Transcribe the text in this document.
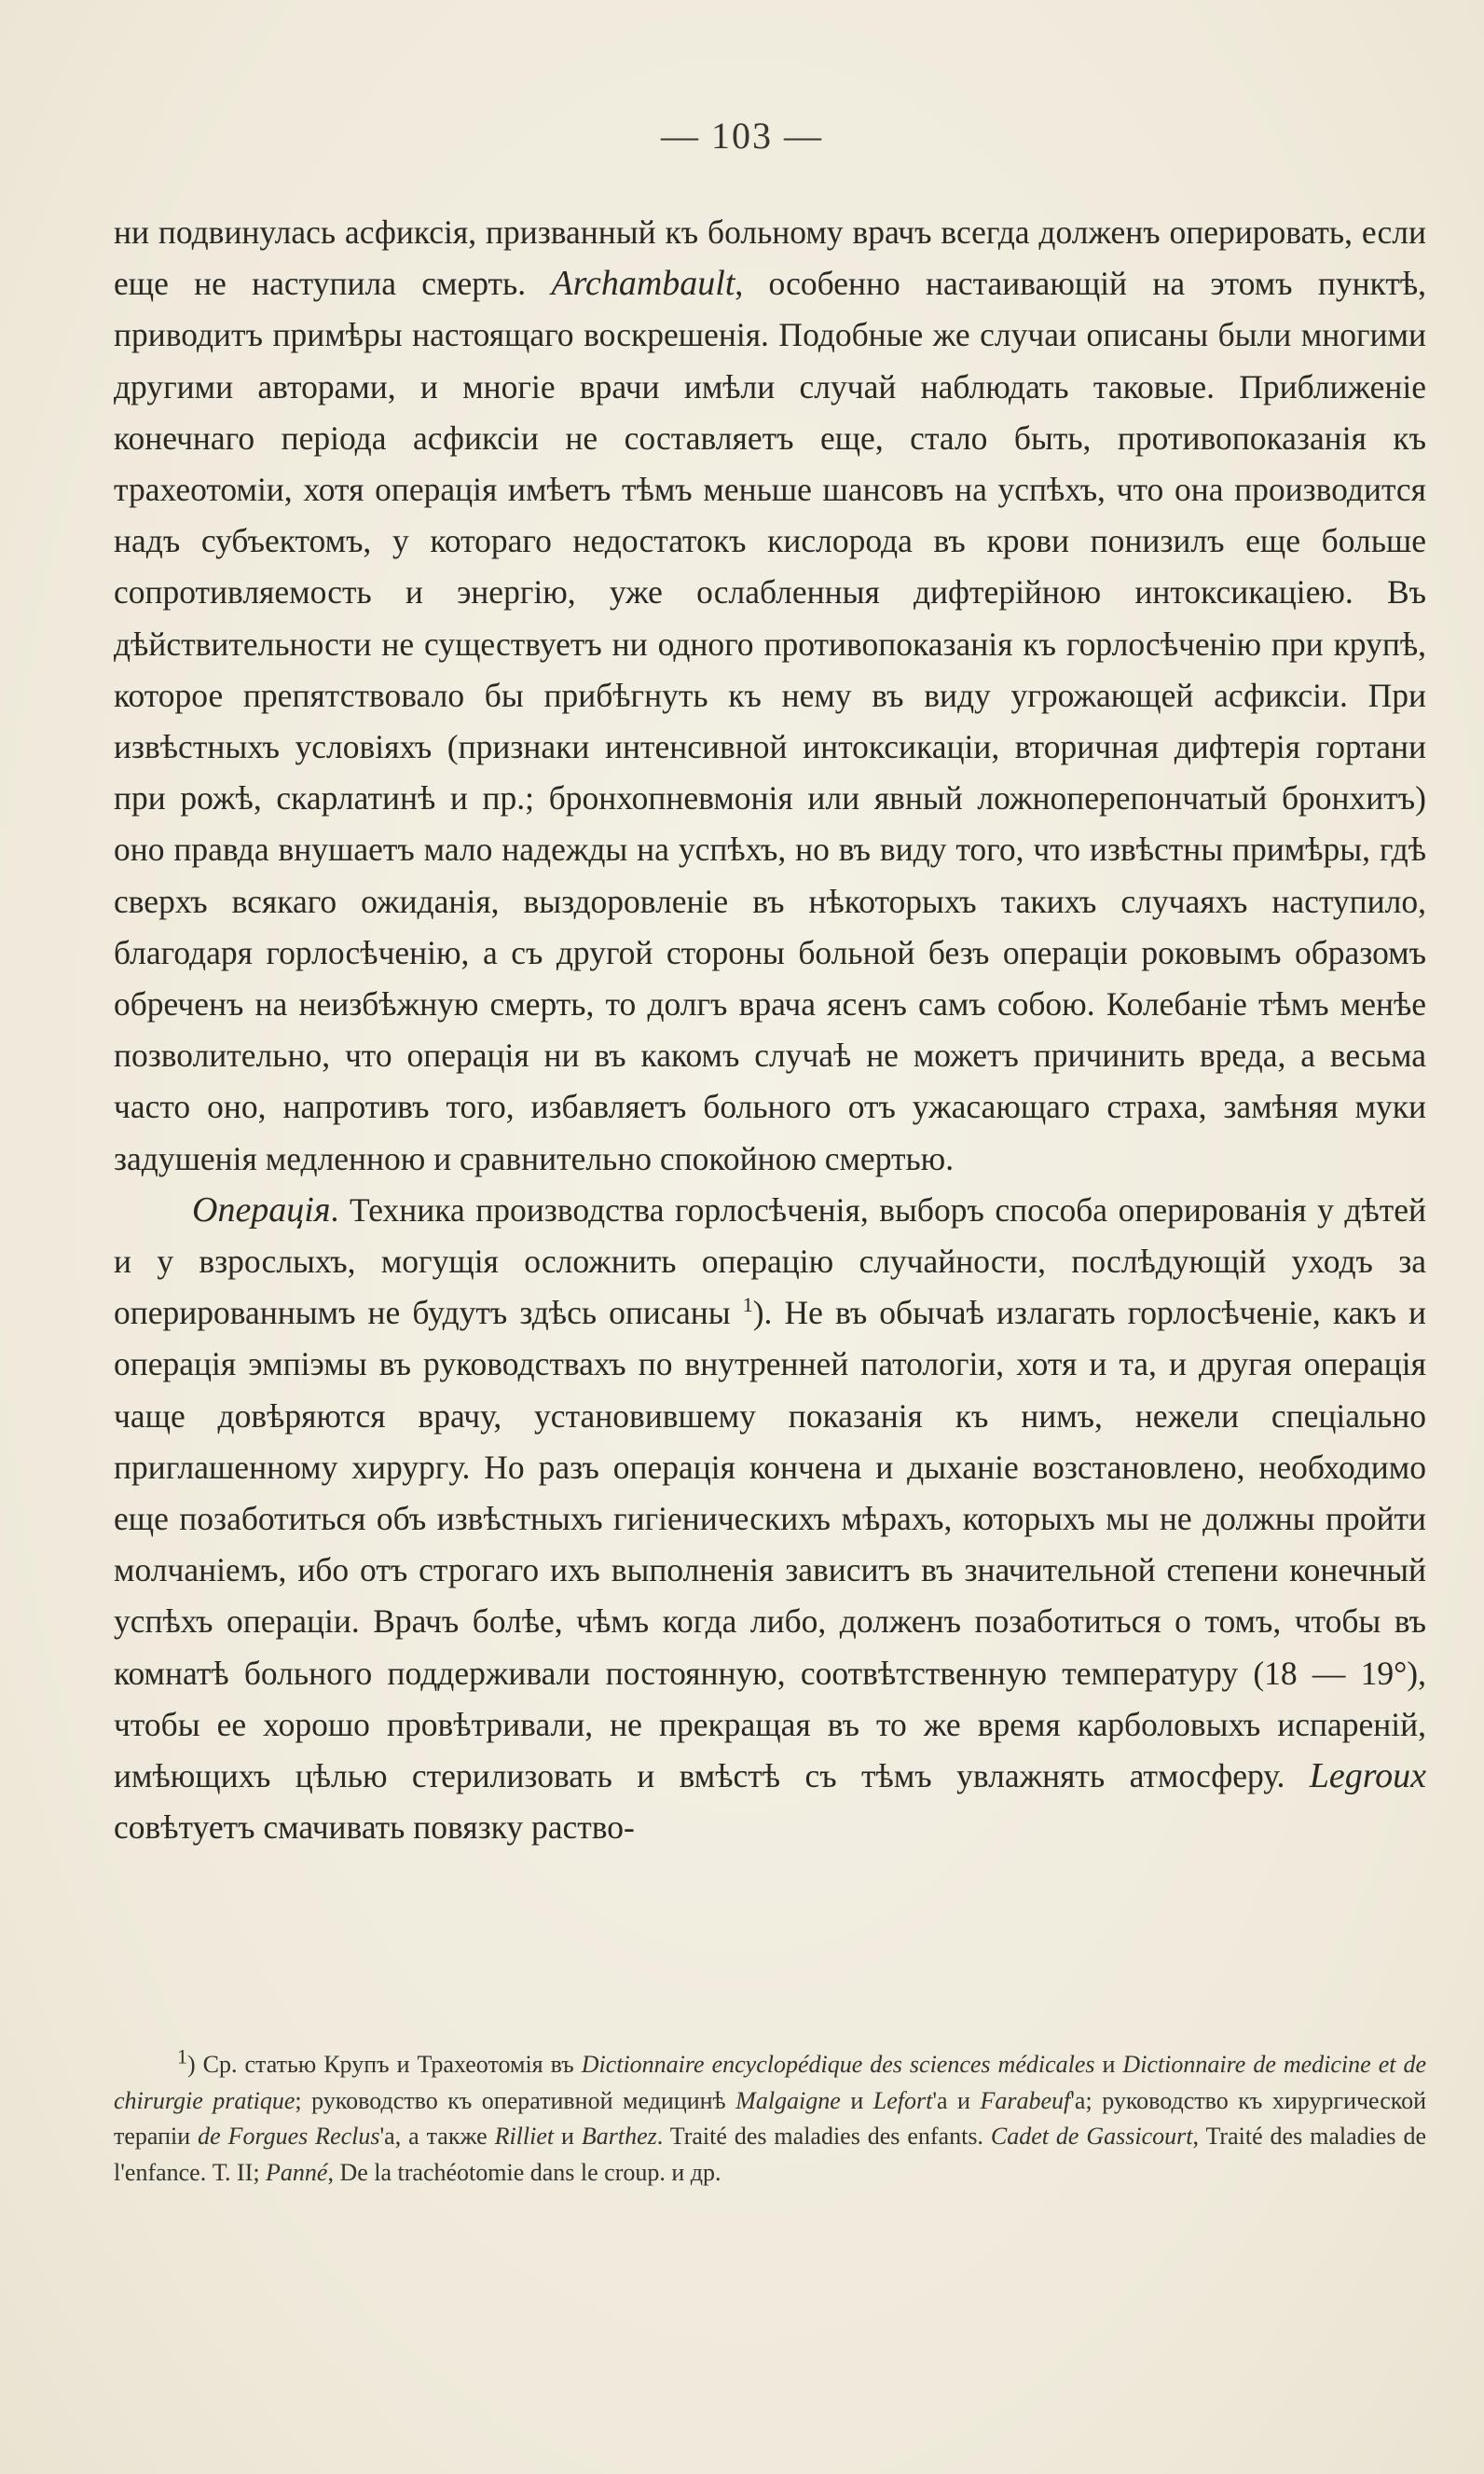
— 103 —

ни подвинулась асфиксія, призванный къ больному врачъ всегда долженъ оперировать, если еще не наступила смерть. Archambault, особенно настаивающій на этомъ пунктѣ, приводитъ примѣры настоящаго воскрешенія. Подобные же случаи описаны были многими другими авторами, и многіе врачи имѣли случай наблюдать таковые. Приближеніе конечнаго періода асфиксіи не составляетъ еще, стало быть, противопоказанія къ трахеотоміи, хотя операція имѣетъ тѣмъ меньше шансовъ на успѣхъ, что она производится надъ субъектомъ, у котораго недостатокъ кислорода въ крови понизилъ еще больше сопротивляемость и энергію, уже ослабленныя дифтерійною интоксикаціею. Въ дѣйствительности не существуетъ ни одного противопоказанія къ горлосѣченію при крупѣ, которое препятствовало бы прибѣгнуть къ нему въ виду угрожающей асфиксіи. При извѣстныхъ условіяхъ (признаки интенсивной интоксикаціи, вторичная дифтерія гортани при рожѣ, скарлатинѣ и пр.; бронхопневмонія или явный ложноперепончатый бронхитъ) оно правда внушаетъ мало надежды на успѣхъ, но въ виду того, что извѣстны примѣры, гдѣ сверхъ всякаго ожиданія, выздоровленіе въ нѣкоторыхъ такихъ случаяхъ наступило, благодаря горлосѣченію, а съ другой стороны больной безъ операціи роковымъ образомъ обреченъ на неизбѣжную смерть, то долгъ врача ясенъ самъ собою. Колебаніе тѣмъ менѣе позволительно, что операція ни въ какомъ случаѣ не можетъ причинить вреда, а весьма часто оно, напротивъ того, избавляетъ больного отъ ужасающаго страха, замѣняя муки задушенія медленною и сравнительно спокойною смертью.

Операція. Техника производства горлосѣченія, выборъ способа оперированія у дѣтей и у взрослыхъ, могущія осложнить операцію случайности, послѣдующій уходъ за оперированнымъ не будутъ здѣсь описаны $^1$). Не въ обычаѣ излагать горлосѣченіе, какъ и операція эмпіэмы въ руководствахъ по внутренней патологіи, хотя и та, и другая операція чаще довѣряются врачу, установившему показанія къ нимъ, нежели спеціально приглашенному хирургу. Но разъ операція кончена и дыханіе возстановлено, необходимо еще позаботиться объ извѣстныхъ гигіеническихъ мѣрахъ, которыхъ мы не должны пройти молчаніемъ, ибо отъ строгаго ихъ выполненія зависитъ въ значительной степени конечный успѣхъ операціи. Врачъ болѣе, чѣмъ когда либо, долженъ позаботиться о томъ, чтобы въ комнатѣ больного поддерживали постоянную, соотвѣтственную температуру (18 — 19°), чтобы ее хорошо провѣтривали, не прекращая въ то же время карболовыхъ испареній, имѣющихъ цѣлью стерилизовать и вмѣстѣ съ тѣмъ увлажнять атмосферу. Legroux совѣтуетъ смачивать повязку раство-

$^1$) Ср. статью Крупъ и Трахеотомія въ Dictionnaire encyclopédique des sciences médicales и Dictionnaire de medicine et de chirurgie pratique; руководство къ оперативной медицинѣ Malgaigne и Lefort'а и Farabeuf'а; руководство къ хирургической терапіи de Forgues Reclus'а, а также Rilliet и Barthez. Traité des maladies des enfants. Cadet de Gassicourt, Traité des maladies de l'enfance. Т. II; Panné, De la trachéotomie dans le croup. и др.
